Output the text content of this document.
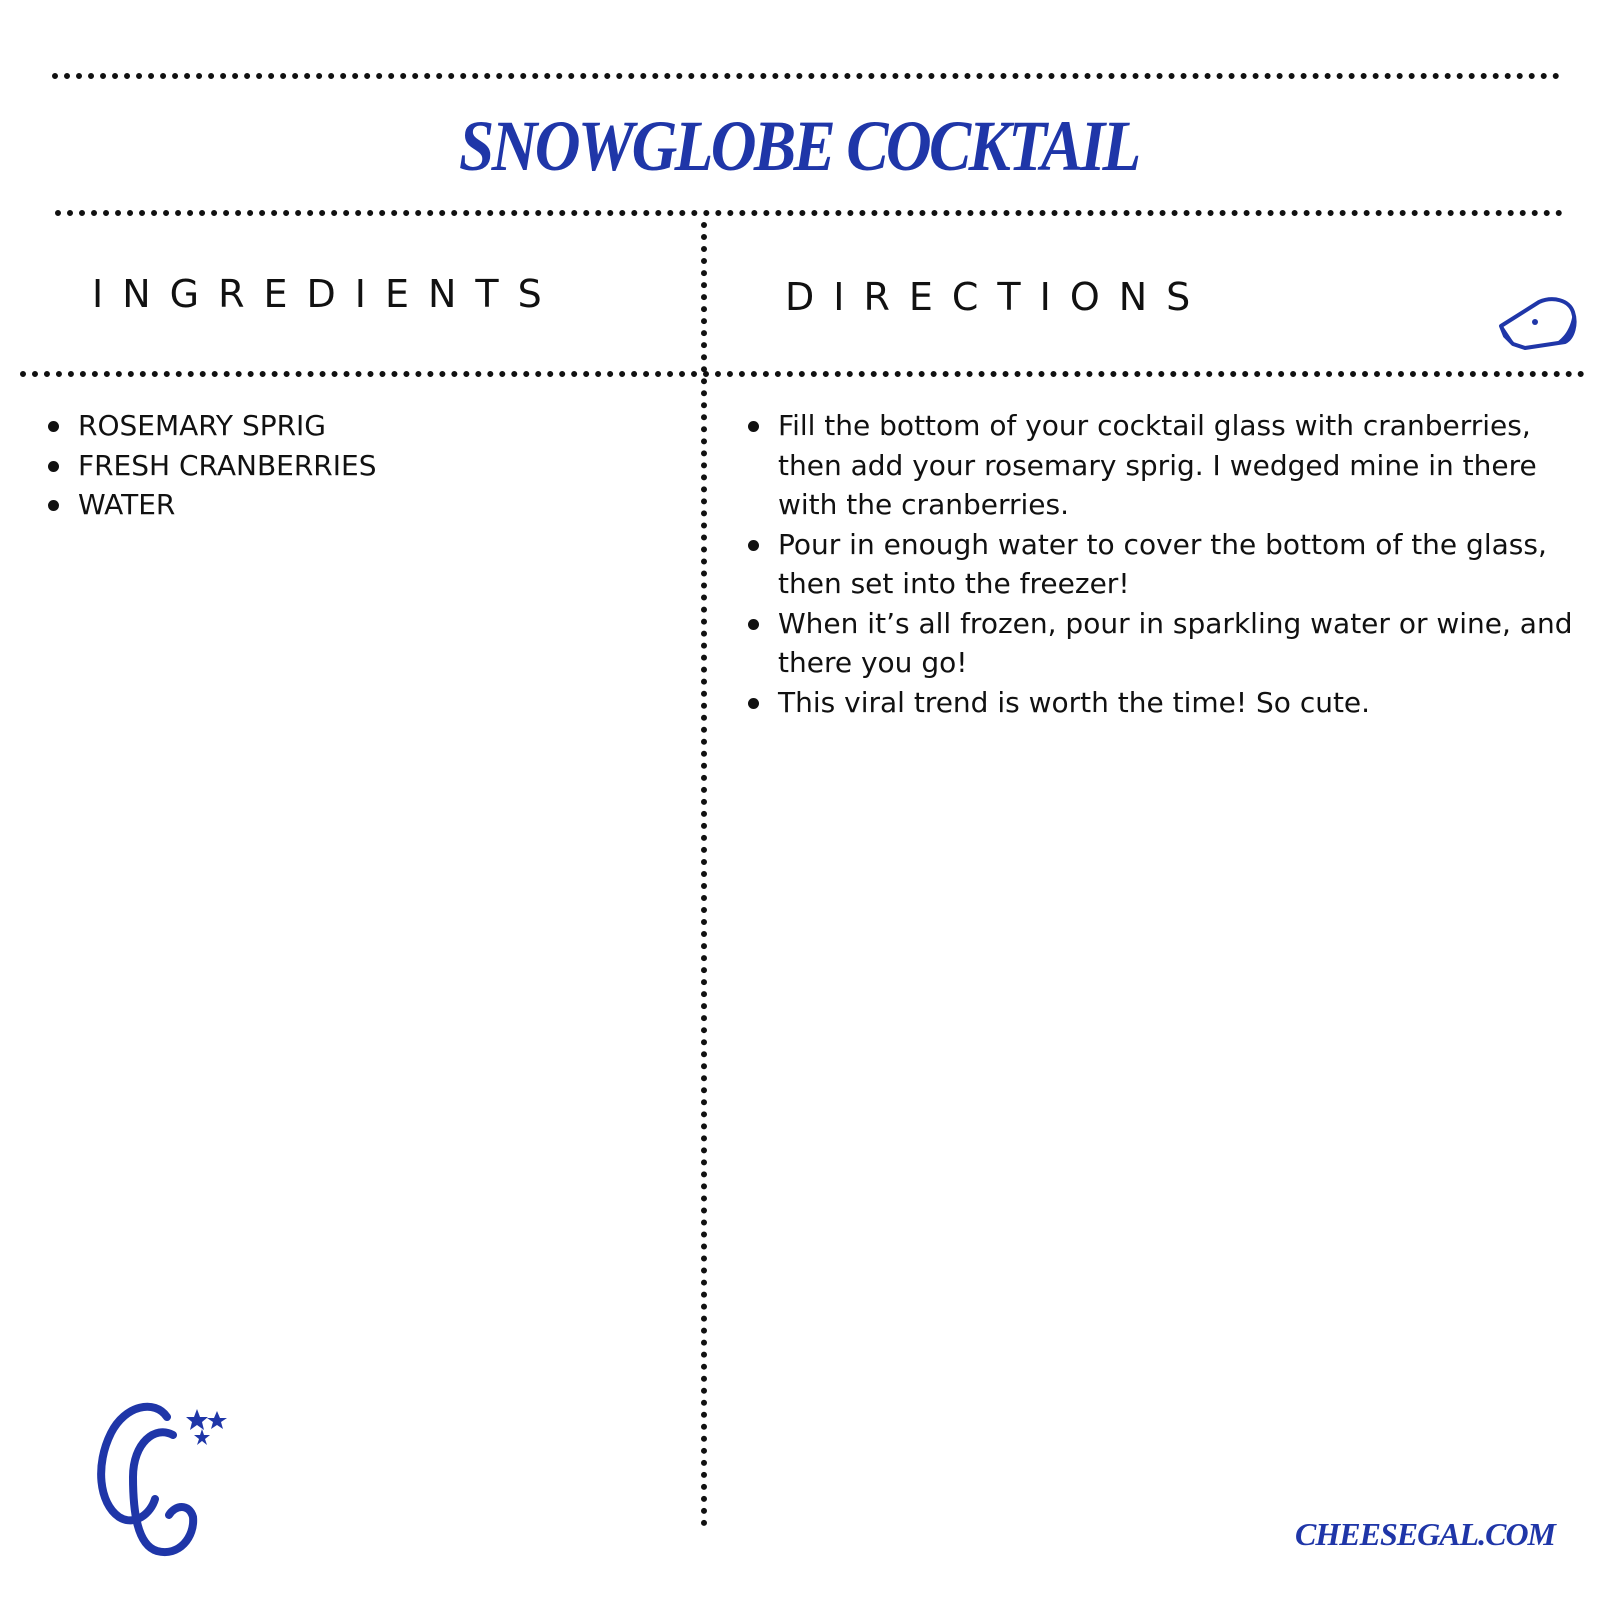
SNOWGLOBE COCKTAIL
INGREDIENTS	DIRECTIONS
ROSEMARY SPRIG
FRESH CRANBERRIES
WATER
Fill the bottom of your cocktail glass with cranberries, then add your rosemary sprig. I wedged mine in there with the cranberries.
Pour in enough water to cover the bottom of the glass, then set into the freezer!
When it’s all frozen, pour in sparkling water or wine, and there you go!
This viral trend is worth the time! So cute.
CHEESEGAL.COM
